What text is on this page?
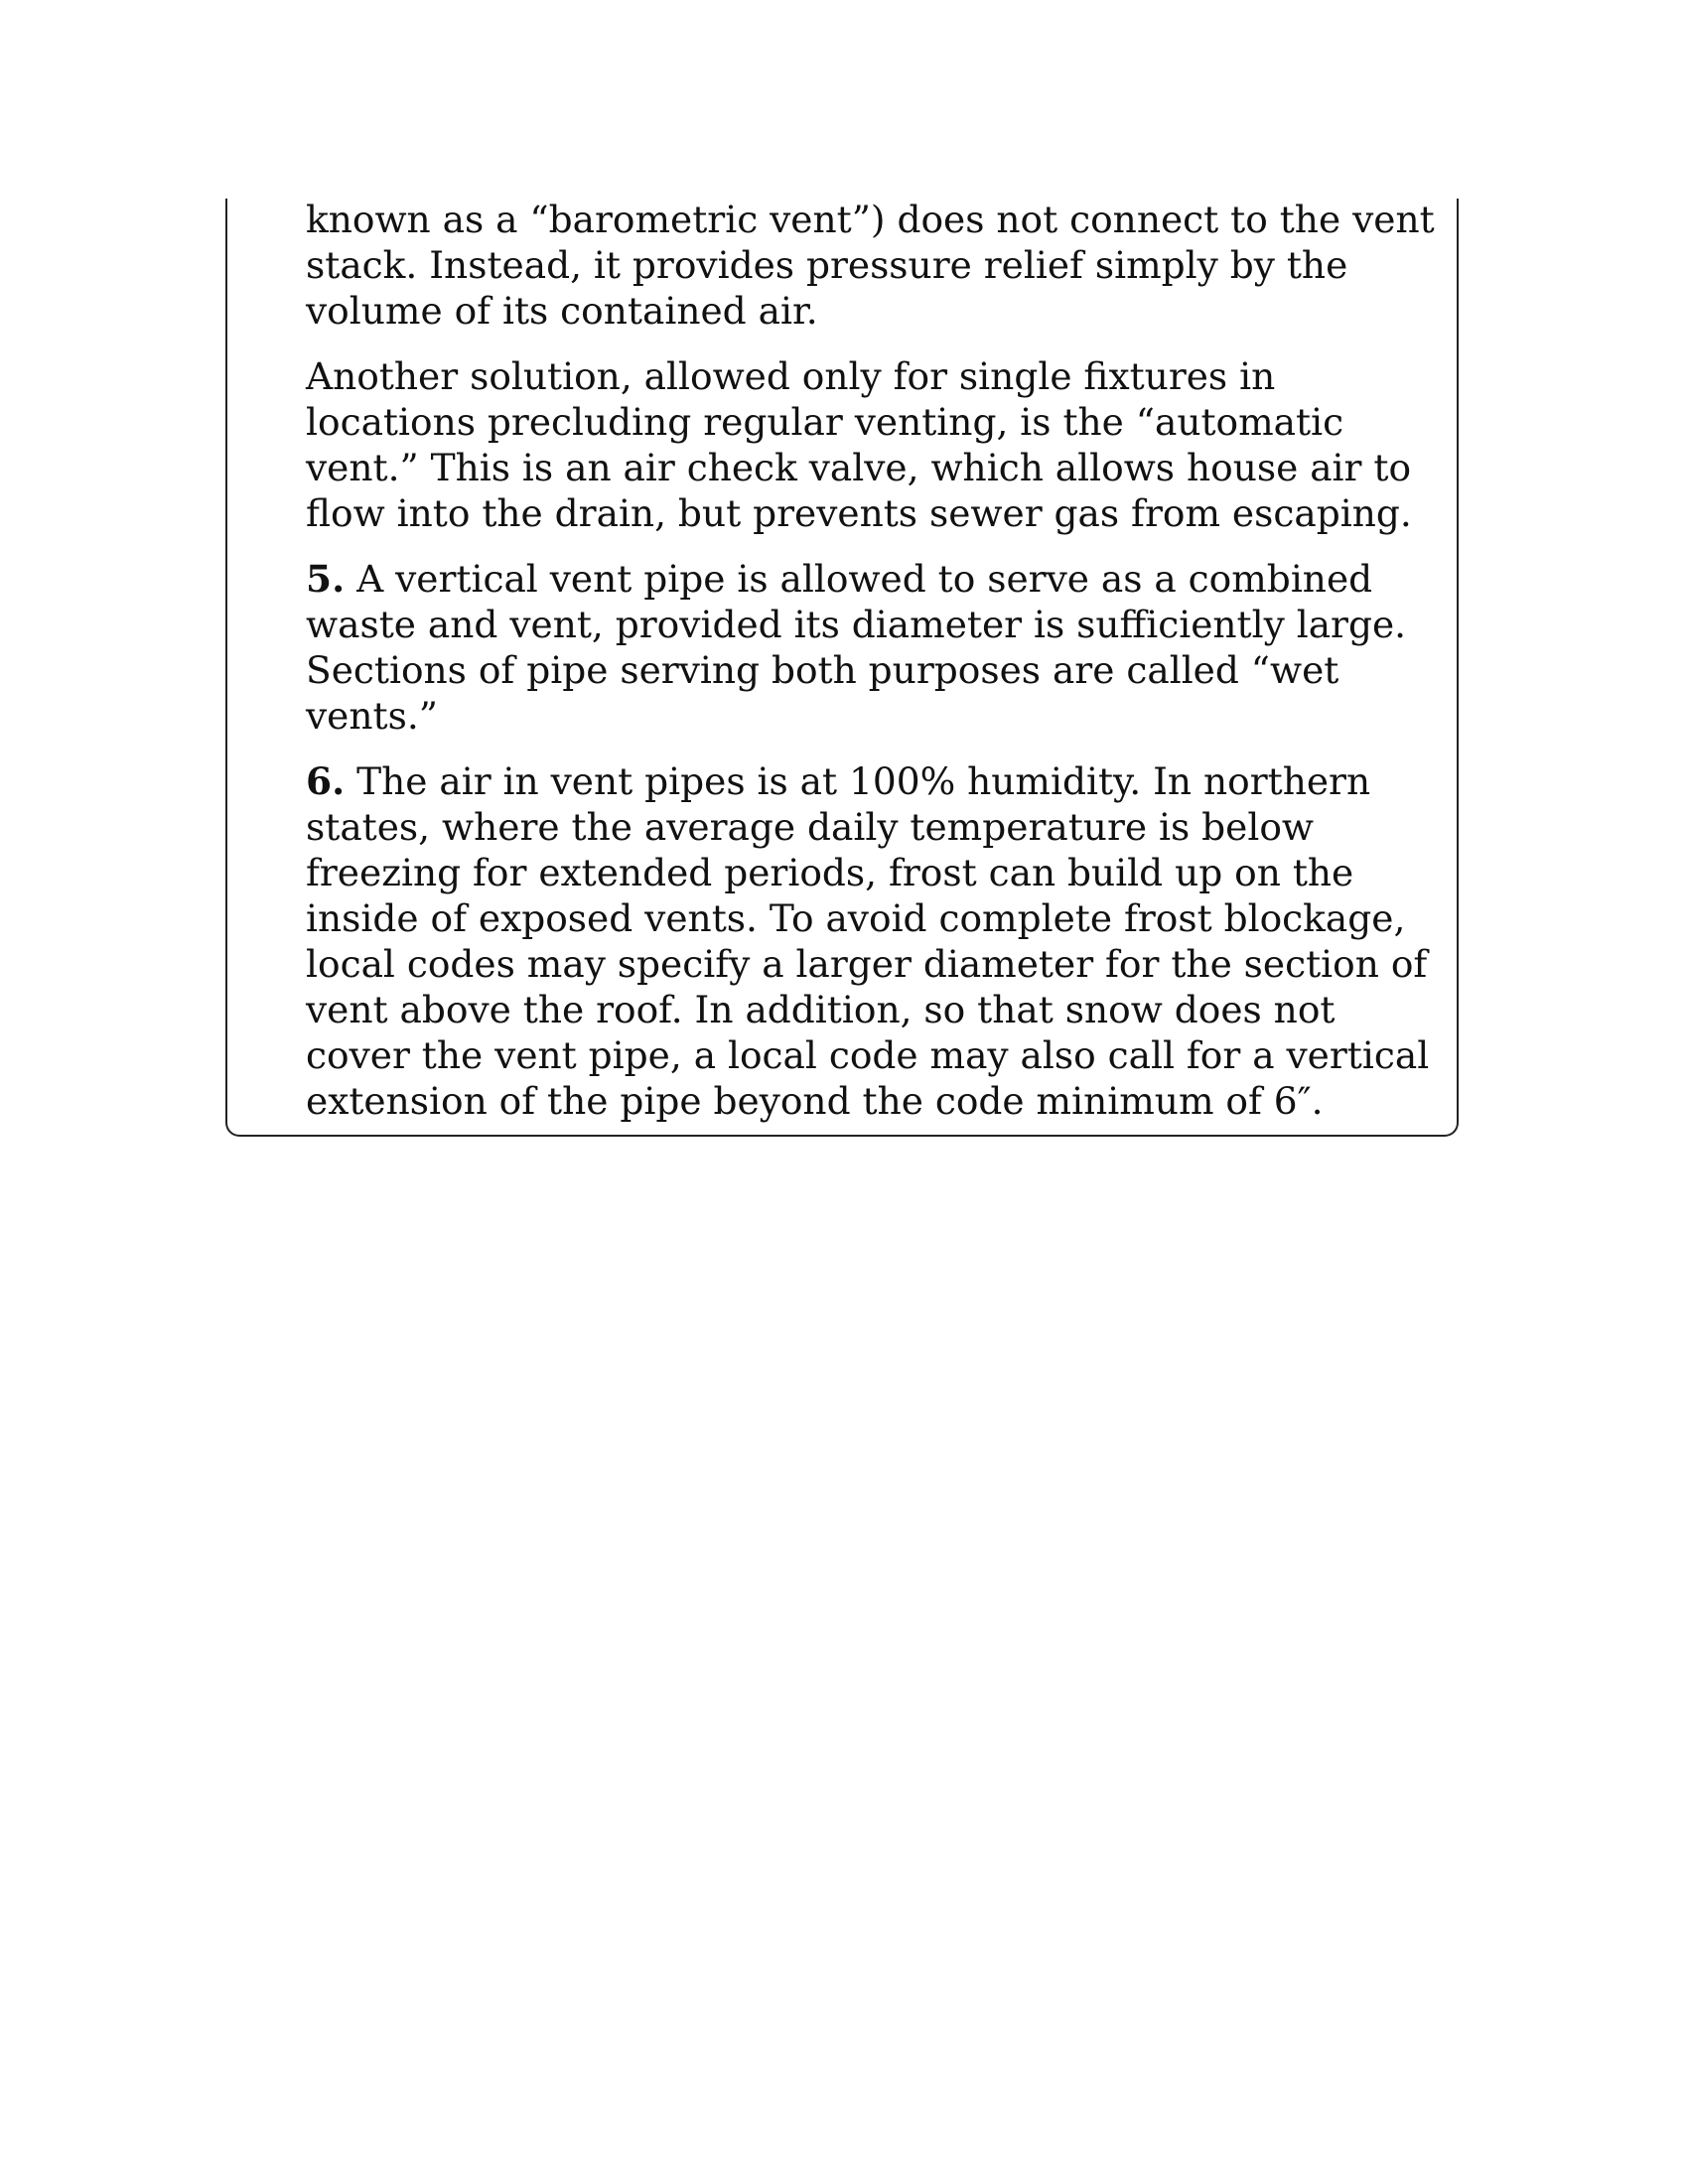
known as a “barometric vent”) does not connect to the vent stack. Instead, it provides pressure relief simply by the volume of its contained air.

Another solution, allowed only for single fixtures in locations precluding regular venting, is the “automatic vent.” This is an air check valve, which allows house air to flow into the drain, but prevents sewer gas from escaping.

5. A vertical vent pipe is allowed to serve as a combined waste and vent, provided its diameter is sufficiently large. Sections of pipe serving both purposes are called “wet vents.”

6. The air in vent pipes is at 100% humidity. In northern states, where the average daily temperature is below freezing for extended periods, frost can build up on the inside of exposed vents. To avoid complete frost blockage, local codes may specify a larger diameter for the section of vent above the roof. In addition, so that snow does not cover the vent pipe, a local code may also call for a vertical extension of the pipe beyond the code minimum of 6″.
